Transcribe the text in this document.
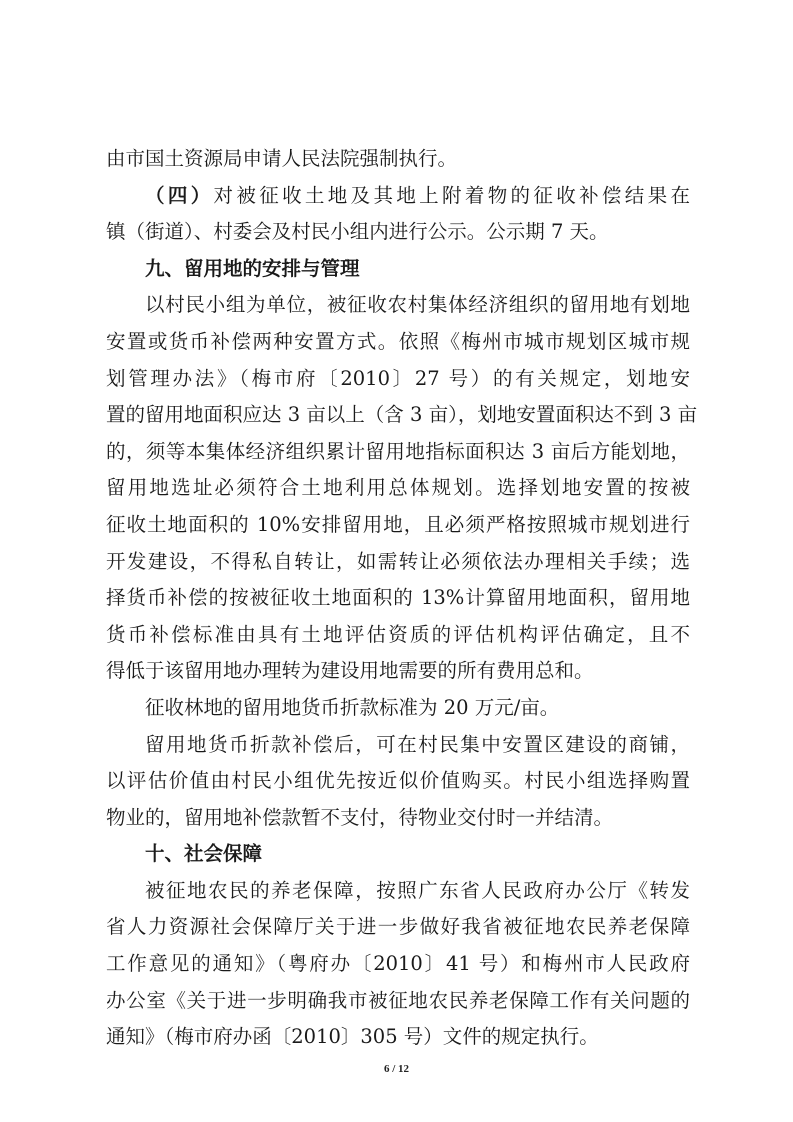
由市国土资源局申请人民法院强制执行。
（四）对被征收土地及其地上附着物的征收补偿结果在
镇（街道）、村委会及村民小组内进行公示。公示期 7 天。
九、留用地的安排与管理
以村民小组为单位，被征收农村集体经济组织的留用地有划地
安置或货币补偿两种安置方式。依照《梅州市城市规划区城市规
划管理办法》（梅市府〔2010〕27 号）的有关规定，划地安
置的留用地面积应达 3 亩以上（含 3 亩），划地安置面积达不到 3 亩
的，须等本集体经济组织累计留用地指标面积达 3 亩后方能划地，
留用地选址必须符合土地利用总体规划。选择划地安置的按被
征收土地面积的 10%安排留用地，且必须严格按照城市规划进行
开发建设，不得私自转让，如需转让必须依法办理相关手续；选
择货币补偿的按被征收土地面积的 13%计算留用地面积，留用地
货币补偿标准由具有土地评估资质的评估机构评估确定，且不
得低于该留用地办理转为建设用地需要的所有费用总和。
征收林地的留用地货币折款标准为 20 万元/亩。
留用地货币折款补偿后，可在村民集中安置区建设的商铺，
以评估价值由村民小组优先按近似价值购买。村民小组选择购置
物业的，留用地补偿款暂不支付，待物业交付时一并结清。
十、社会保障
被征地农民的养老保障，按照广东省人民政府办公厅《转发
省人力资源社会保障厅关于进一步做好我省被征地农民养老保障
工作意见的通知》（粤府办〔2010〕41 号）和梅州市人民政府
办公室《关于进一步明确我市被征地农民养老保障工作有关问题的
通知》（梅市府办函〔2010〕305 号）文件的规定执行。
6 / 12
